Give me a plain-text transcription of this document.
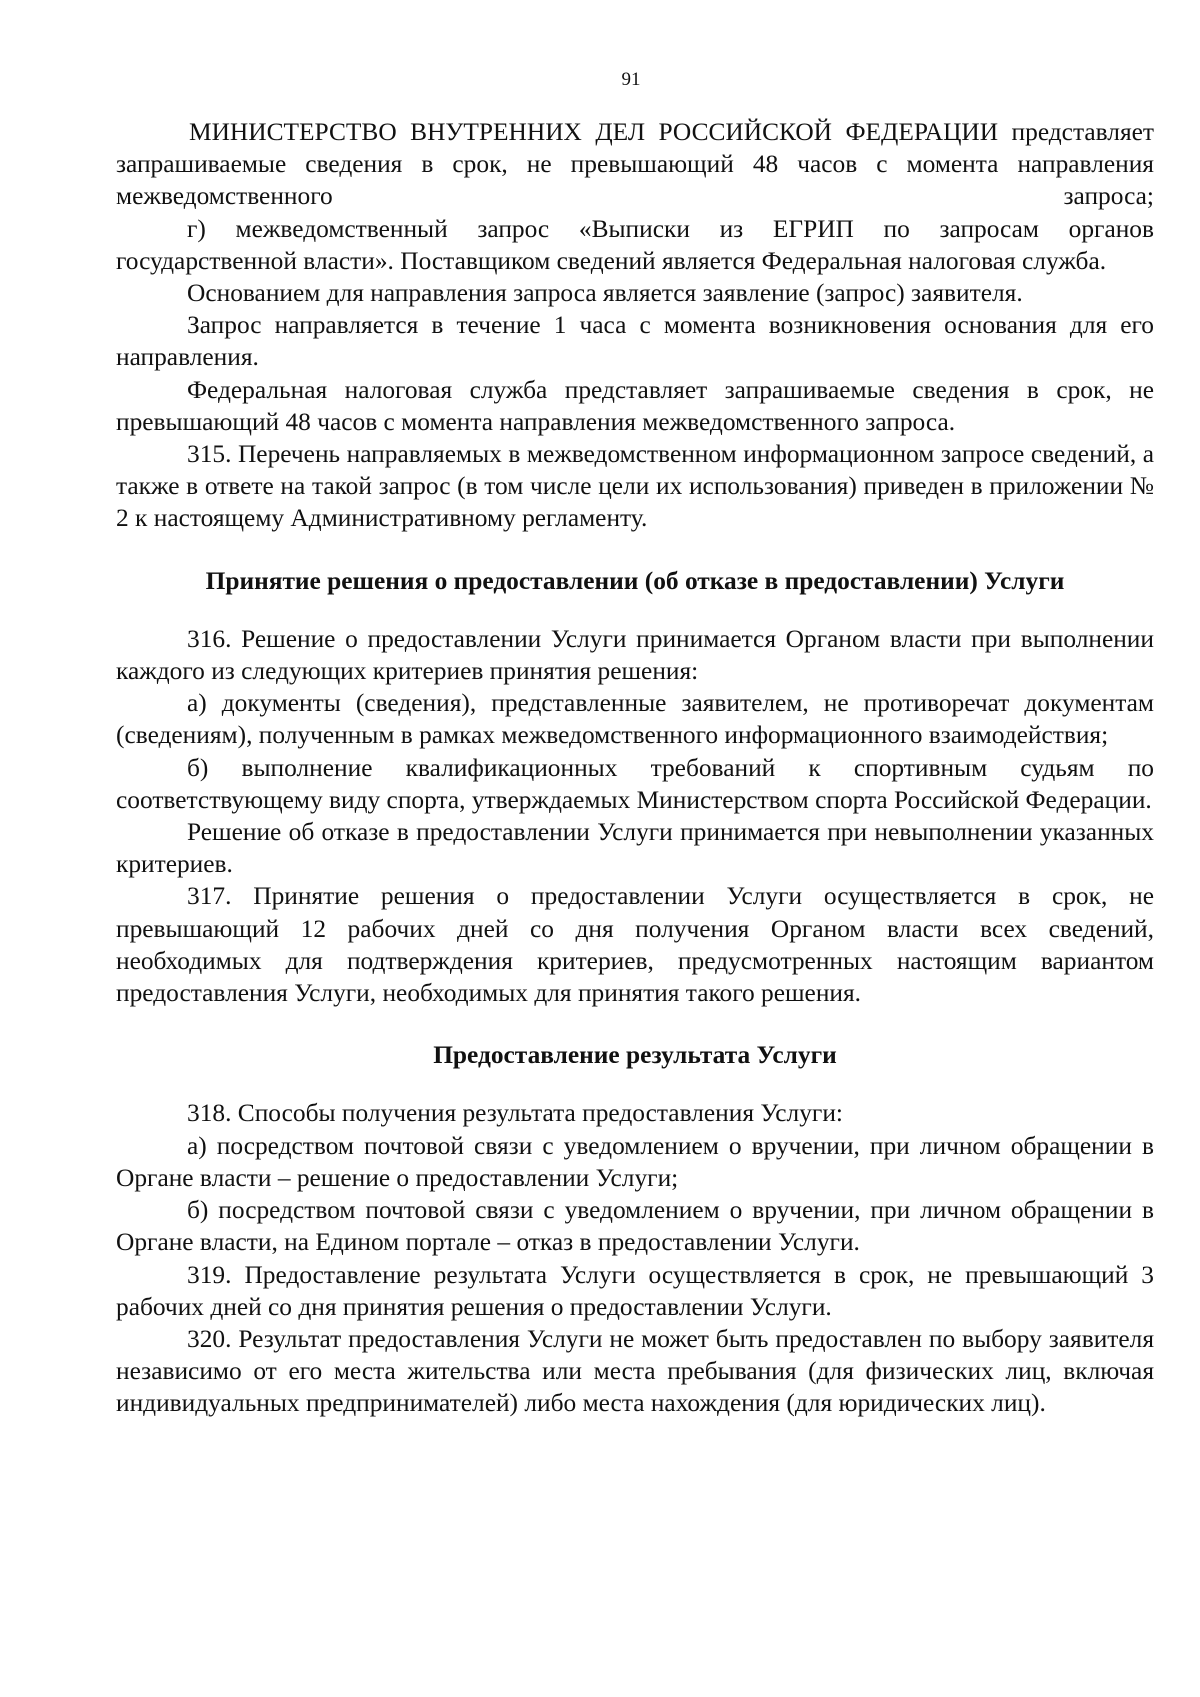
91

МИНИСТЕРСТВО ВНУТРЕННИХ ДЕЛ РОССИЙСКОЙ ФЕДЕРАЦИИ представляет запрашиваемые сведения в срок, не превышающий 48 часов с момента направления межведомственного запроса;

г) межведомственный запрос «Выписки из ЕГРИП по запросам органов государственной власти». Поставщиком сведений является Федеральная налоговая служба.

Основанием для направления запроса является заявление (запрос) заявителя.

Запрос направляется в течение 1 часа с момента возникновения основания для его направления.

Федеральная налоговая служба представляет запрашиваемые сведения в срок, не превышающий 48 часов с момента направления межведомственного запроса.

315. Перечень направляемых в межведомственном информационном запросе сведений, а также в ответе на такой запрос (в том числе цели их использования) приведен в приложении № 2 к настоящему Административному регламенту.

Принятие решения о предоставлении (об отказе в предоставлении) Услуги

316. Решение о предоставлении Услуги принимается Органом власти при выполнении каждого из следующих критериев принятия решения:

а) документы (сведения), представленные заявителем, не противоречат документам (сведениям), полученным в рамках межведомственного информационного взаимодействия;

б) выполнение квалификационных требований к спортивным судьям по соответствующему виду спорта, утверждаемых Министерством спорта Российской Федерации.

Решение об отказе в предоставлении Услуги принимается при невыполнении указанных критериев.

317. Принятие решения о предоставлении Услуги осуществляется в срок, не превышающий 12 рабочих дней со дня получения Органом власти всех сведений, необходимых для подтверждения критериев, предусмотренных настоящим вариантом предоставления Услуги, необходимых для принятия такого решения.

Предоставление результата Услуги

318. Способы получения результата предоставления Услуги:

а) посредством почтовой связи с уведомлением о вручении, при личном обращении в Органе власти – решение о предоставлении Услуги;

б) посредством почтовой связи с уведомлением о вручении, при личном обращении в Органе власти, на Едином портале – отказ в предоставлении Услуги.

319. Предоставление результата Услуги осуществляется в срок, не превышающий 3 рабочих дней со дня принятия решения о предоставлении Услуги.

320. Результат предоставления Услуги не может быть предоставлен по выбору заявителя независимо от его места жительства или места пребывания (для физических лиц, включая индивидуальных предпринимателей) либо места нахождения (для юридических лиц).
